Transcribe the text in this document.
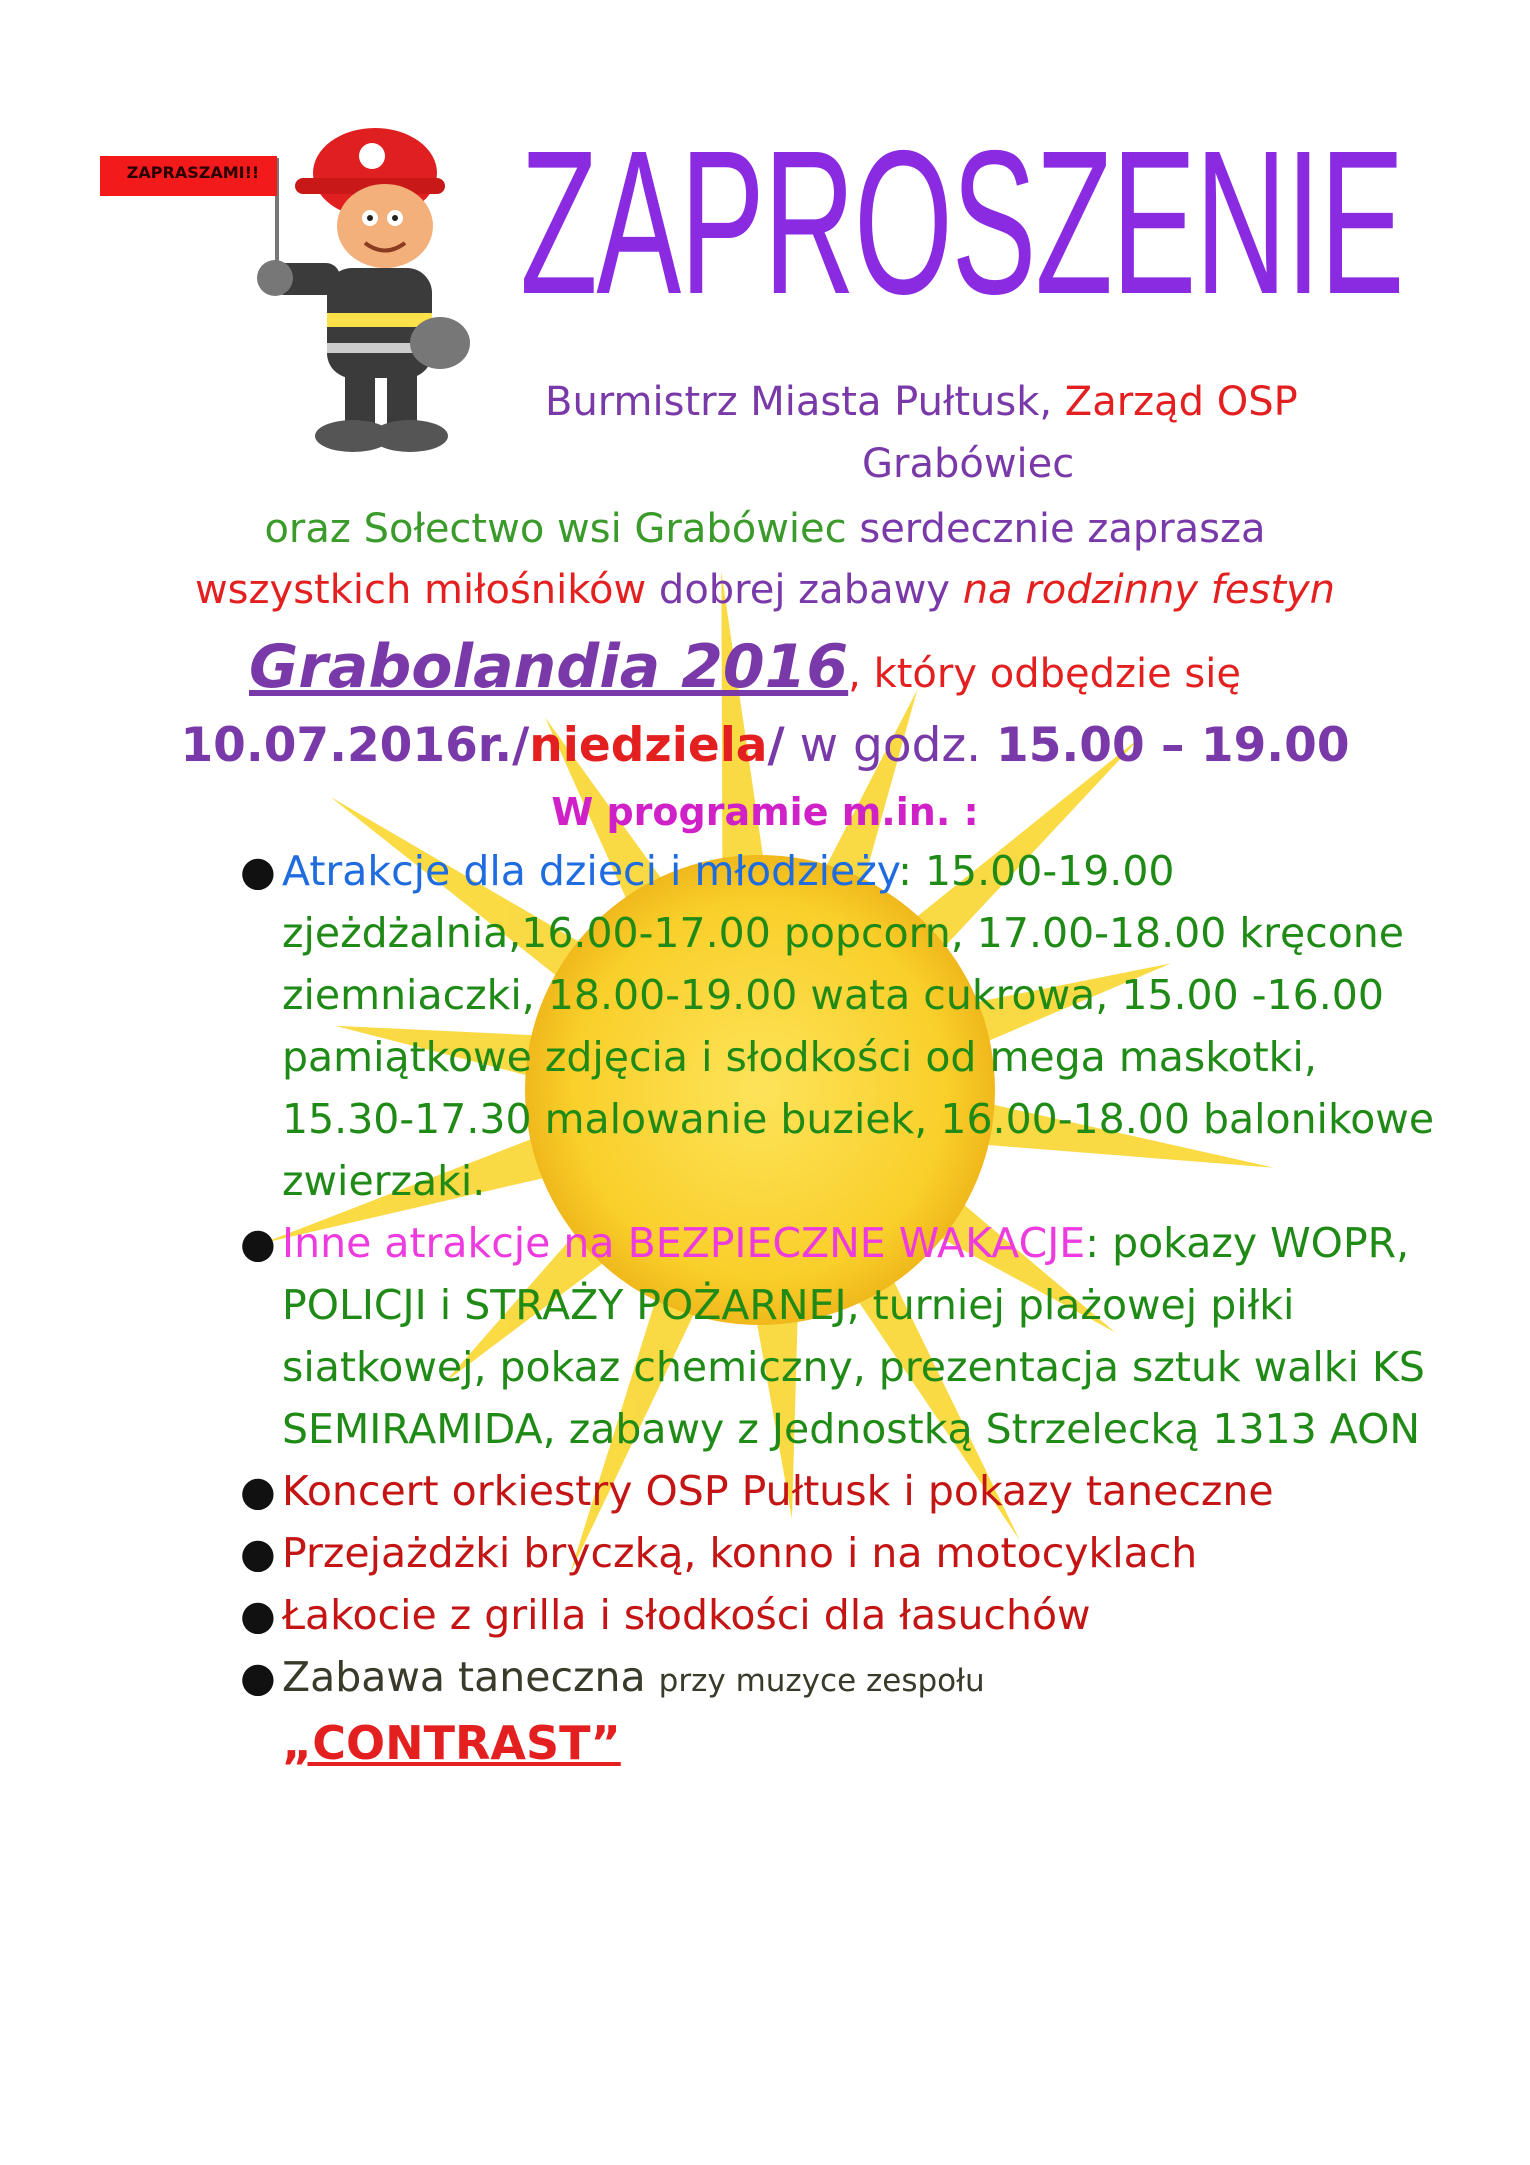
ZAPRASZAMI!! ZAPROSZENIE
Burmistrz Miasta Pułtusk, Zarząd OSP
Grabówiec
oraz Sołectwo wsi Grabówiec serdecznie zaprasza
wszystkich miłośników dobrej zabawy na rodzinny festyn
Grabolandia 2016, który odbędzie się
10.07.2016r./niedziela/ w godz. 15.00 – 19.00
W programie m.in. :
● Atrakcje dla dzieci i młodzieży: 15.00-19.00 zjeżdżalnia,16.00-17.00 popcorn, 17.00-18.00 kręcone ziemniaczki, 18.00-19.00 wata cukrowa, 15.00 -16.00 pamiątkowe zdjęcia i słodkości od mega maskotki, 15.30-17.30 malowanie buziek, 16.00-18.00 balonikowe zwierzaki.
● Inne atrakcje na BEZPIECZNE WAKACJE: pokazy WOPR, POLICJI i STRAŻY POŻARNEJ, turniej plażowej piłki siatkowej, pokaz chemiczny, prezentacja sztuk walki KS SEMIRAMIDA, zabawy z Jednostką Strzelecką 1313 AON
● Koncert orkiestry OSP Pułtusk i pokazy taneczne
● Przejażdżki bryczką, konno i na motocyklach
● Łakocie z grilla i słodkości dla łasuchów
● Zabawa taneczna przy muzyce zespołu
„CONTRAST”
